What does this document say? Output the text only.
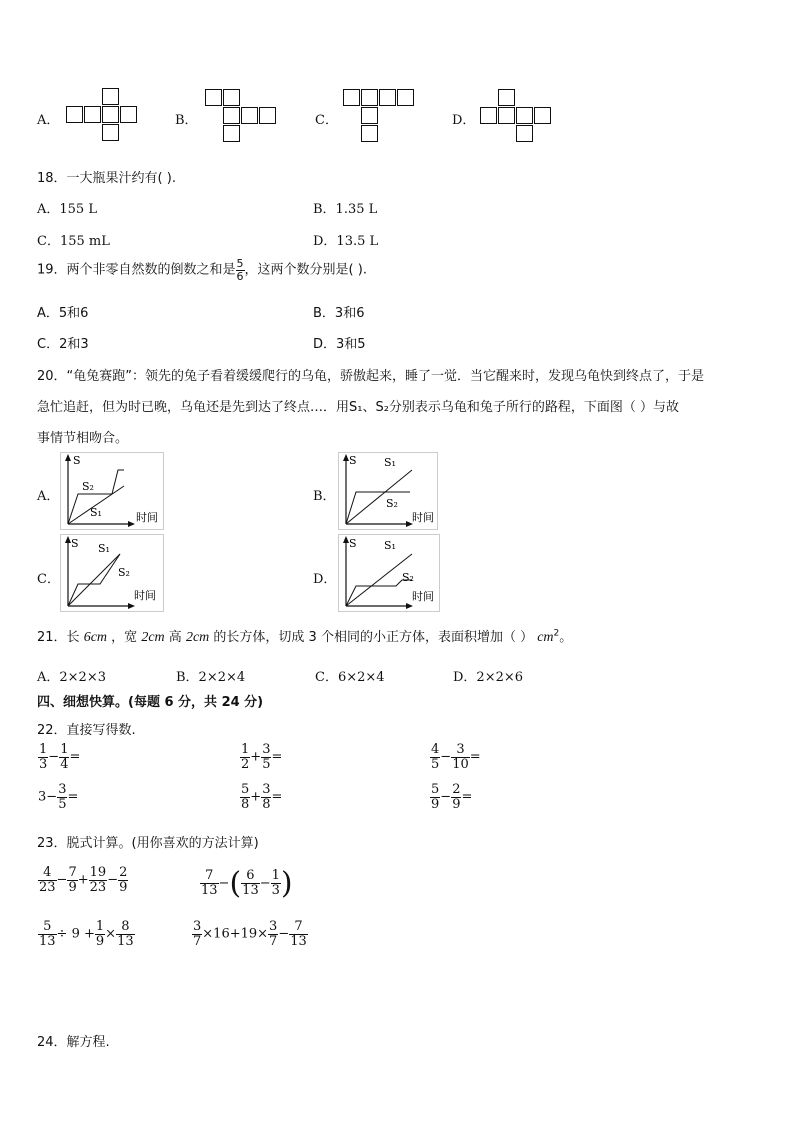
A．	B．	C．	D．
18．一大瓶果汁约有( ).
A．155 L	B．1.35 L
C．155 mL	D．13.5 L
19．两个非零自然数的倒数之和是 $\frac{5}{6}$ ，这两个数分别是( ).
A．5和6	B．3和6
C．2和3	D．3和5
20．“龟兔赛跑”：领先的兔子看着缓缓爬行的乌龟，骄傲起来，睡了一觉．当它醒来时，发现乌龟快到终点了，于是
急忙追赶，但为时已晚，乌龟还是先到达了终点…．用S₁、S₂分别表示乌龟和兔子所行的路程，下面图（ ）与故
事情节相吻合。
A．
S
S₂
S₁	时间
B．
S S₁
S₂
时间
C．
S S₁
S₂
时间
D．
S S₁
S₂
时间
21．长 6cm ，宽 2cm 高 2cm 的长方体，切成 3 个相同的小正方体，表面积增加（ ） $cm^2$。
A．2×2×3	B．2×2×4	C．6×2×4	D．2×2×6
四、细想快算。(每题 6 分，共 24 分)
22．直接写得数.
$\frac{1}{3} - \frac{1}{4}$ =	$\frac{1}{2} + \frac{3}{5}$ =	$\frac{4}{5} - \frac{3}{10}$ =
$3- \frac{3}{5}$ =	$\frac{5}{8} + \frac{3}{8}$ =	$\frac{5}{9} - \frac{2}{9}$ =
23．脱式计算。(用你喜欢的方法计算)
$\frac{4}{23} - \frac{7}{9} + \frac{19}{23} - \frac{2}{9}$	$\frac{7}{13}$ −( $\frac{6}{13} - \frac{1}{3}$ )
$\frac{5}{13} \div 9 + \frac{1}{9} \times \frac{8}{13}$	$\frac{3}{7} \times 16+19\times \frac{3}{7} - \frac{7}{13}$
24．解方程.
